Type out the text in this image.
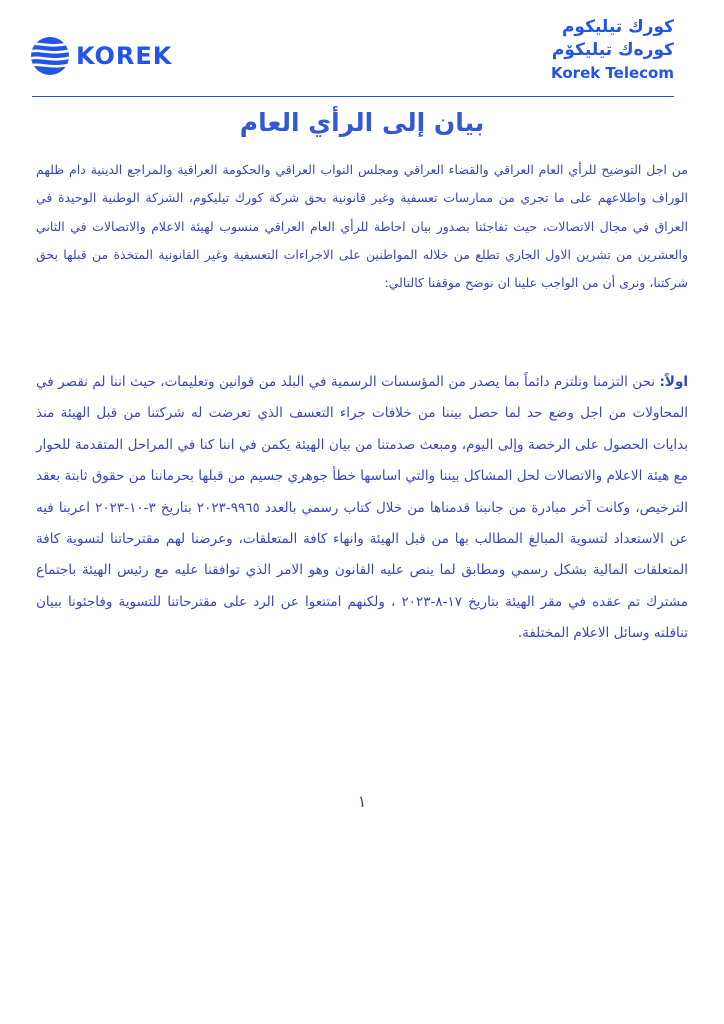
KOREK
كورك تيليكوم
كورەك تيليكۆم
Korek Telecom
بيان إلى الرأي العام

من اجل التوضيح للرأي العام العراقي والقضاء العراقي ومجلس النواب العراقي والحكومة العراقية والمراجع الدينية دام ظلهم الوراف واطلاعهم على ما تجري من ممارسات تعسفية وغير قانونية بحق شركة كورك تيليكوم، الشركة الوطنية الوحيدة في العراق في مجال الاتصالات، حيث تفاجئنا بصدور بيان احاطة للرأي العام العراقي منسوب لهيئة الاعلام والاتصالات في الثاني والعشرين من تشرين الاول الجاري تطلع من خلاله المواطنين على الاجراءات التعسفية وغير القانونية المتخذة من قبلها بحق شركتنا، ونرى أن من الواجب علينا ان نوضح موقفنا كالتالي:

اولاً: نحن التزمنا ونلتزم دائماً بما يصدر من المؤسسات الرسمية في البلد من قوانين وتعليمات، حيث اننا لم نقصر في المحاولات من اجل وضع حد لما حصل بيننا من خلافات جراء التعسف الذي تعرضت له شركتنا من قبل الهيئة منذ بدايات الحصول على الرخصة وإلى اليوم، ومبعث صدمتنا من بيان الهيئة يكمن في اننا كنا في المراحل المتقدمة للحوار مع هيئة الاعلام والاتصالات لحل المشاكل بيننا والتي اساسها خطأ جوهري جسيم من قبلها بحرماننا من حقوق ثابتة بعقد الترخيص، وكانت آخر مبادرة من جانبنا قدمناها من خلال كتاب رسمي بالعدد ٩٩٦٥-٢٠٢٣ بتاريخ ٣-١٠-٢٠٢٣ اعربنا فيه عن الاستعداد لتسوية المبالغ المطالب بها من قبل الهيئة وانهاء كافة المتعلقات، وعرضنا لهم مقترحاتنا لتسوية كافة المتعلقات المالية بشكل رسمي ومطابق لما ينص عليه القانون وهو الامر الذي توافقنا عليه مع رئيس الهيئة باجتماع مشترك تم عقده في مقر الهيئة بتاريخ ١٧-٨-٢٠٢٣ ، ولكنهم امتنعوا عن الرد على مقترحاتنا للتسوية وفاجئونا ببيان تناقلته وسائل الاعلام المختلفة.

١
